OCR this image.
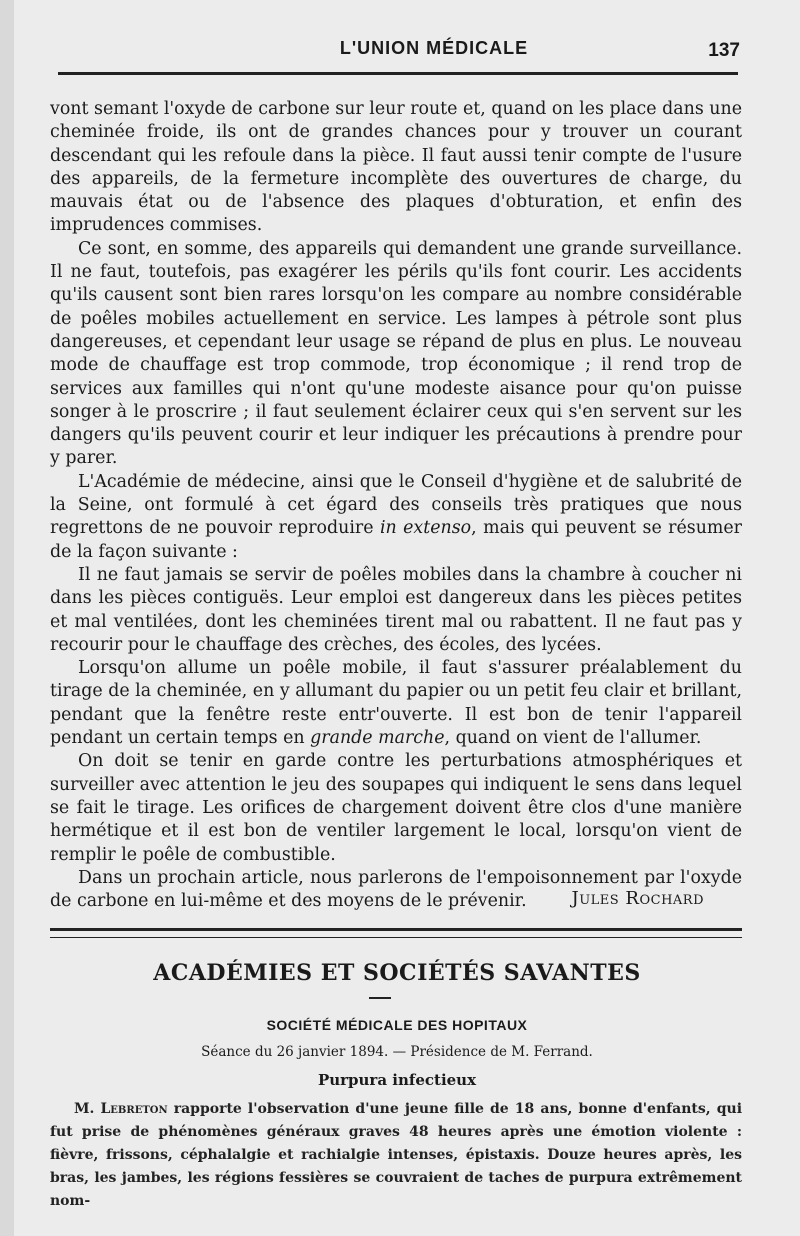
L'UNION MÉDICALE	137

vont semant l'oxyde de carbone sur leur route et, quand on les place dans une cheminée froide, ils ont de grandes chances pour y trouver un courant descendant qui les refoule dans la pièce. Il faut aussi tenir compte de l'usure des appareils, de la fermeture incomplète des ouvertures de charge, du mauvais état ou de l'absence des plaques d'obturation, et enfin des imprudences commises.

Ce sont, en somme, des appareils qui demandent une grande surveillance. Il ne faut, toutefois, pas exagérer les périls qu'ils font courir. Les accidents qu'ils causent sont bien rares lorsqu'on les compare au nombre considérable de poêles mobiles actuellement en service. Les lampes à pétrole sont plus dangereuses, et cependant leur usage se répand de plus en plus. Le nouveau mode de chauffage est trop commode, trop économique ; il rend trop de services aux familles qui n'ont qu'une modeste aisance pour qu'on puisse songer à le proscrire ; il faut seulement éclairer ceux qui s'en servent sur les dangers qu'ils peuvent courir et leur indiquer les précautions à prendre pour y parer.

L'Académie de médecine, ainsi que le Conseil d'hygiène et de salubrité de la Seine, ont formulé à cet égard des conseils très pratiques que nous regrettons de ne pouvoir reproduire in extenso, mais qui peuvent se résumer de la façon suivante :

Il ne faut jamais se servir de poêles mobiles dans la chambre à coucher ni dans les pièces contiguës. Leur emploi est dangereux dans les pièces petites et mal ventilées, dont les cheminées tirent mal ou rabattent. Il ne faut pas y recourir pour le chauffage des crèches, des écoles, des lycées.

Lorsqu'on allume un poêle mobile, il faut s'assurer préalablement du tirage de la cheminée, en y allumant du papier ou un petit feu clair et brillant, pendant que la fenêtre reste entr'ouverte. Il est bon de tenir l'appareil pendant un certain temps en grande marche, quand on vient de l'allumer.

On doit se tenir en garde contre les perturbations atmosphériques et surveiller avec attention le jeu des soupapes qui indiquent le sens dans lequel se fait le tirage. Les orifices de chargement doivent être clos d'une manière hermétique et il est bon de ventiler largement le local, lorsqu'on vient de remplir le poêle de combustible.

Dans un prochain article, nous parlerons de l'empoisonnement par l'oxyde de carbone en lui-même et des moyens de le prévenir.	Jules Rochard
ACADÉMIES ET SOCIÉTÉS SAVANTES
SOCIÉTÉ MÉDICALE DES HOPITAUX
Séance du 26 janvier 1894. — Présidence de M. Ferrand.
Purpura infectieux

M. Lebreton rapporte l'observation d'une jeune fille de 18 ans, bonne d'enfants, qui fut prise de phénomènes généraux graves 48 heures après une émotion violente : fièvre, frissons, céphalalgie et rachialgie intenses, épistaxis. Douze heures après, les bras, les jambes, les régions fessières se couvraient de taches de purpura extrêmement nom-
